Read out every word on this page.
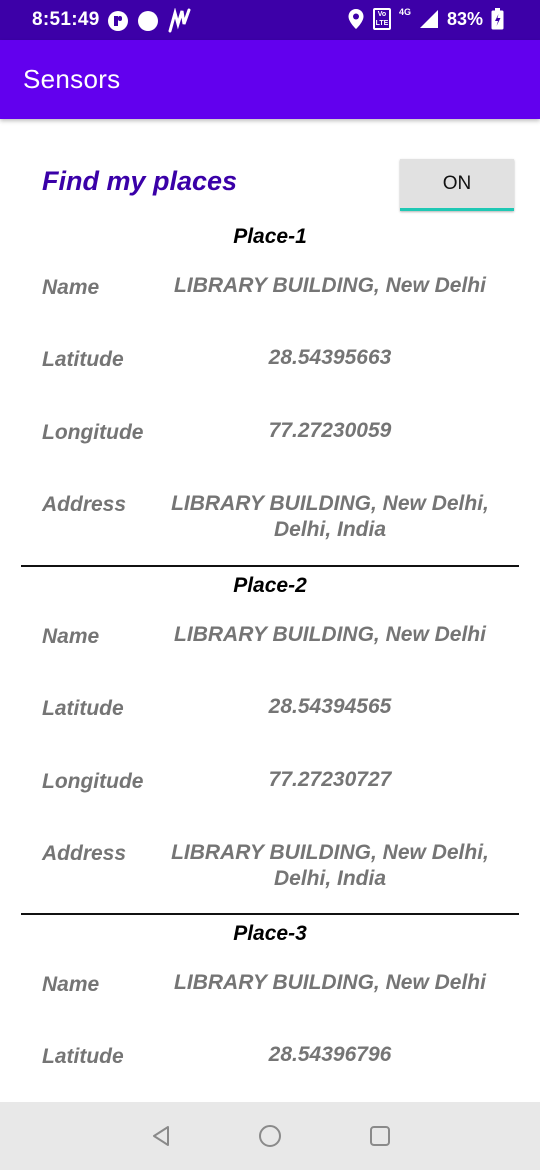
8:51:49	Vo
LTE
4G 83%
Sensors
Find my places	ON
Place-1
Name	LIBRARY BUILDING, New Delhi
Latitude	28.54395663
Longitude	77.27230059
Address	LIBRARY BUILDING, New Delhi,
Delhi, India
Place-2
Name	LIBRARY BUILDING, New Delhi
Latitude	28.54394565
Longitude	77.27230727
Address	LIBRARY BUILDING, New Delhi,
Delhi, India
Place-3
Name	LIBRARY BUILDING, New Delhi
Latitude	28.54396796
